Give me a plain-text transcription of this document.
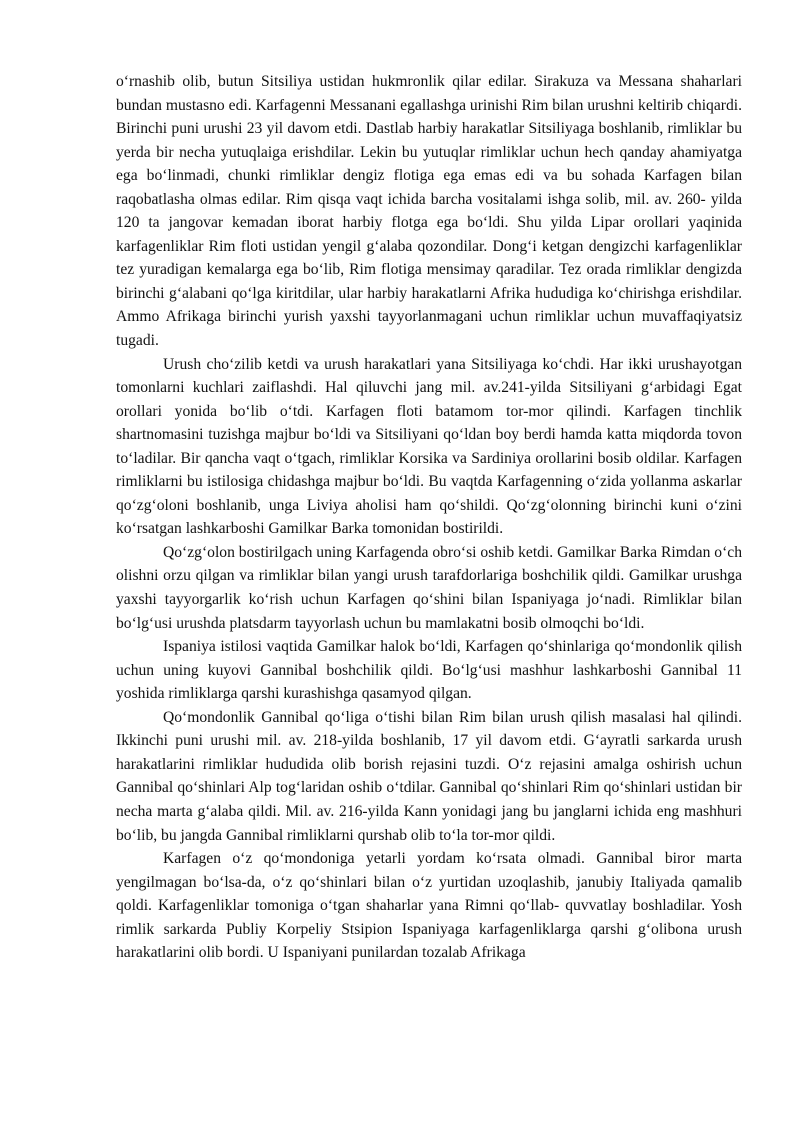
o‘rnashib olib, butun Sitsiliya ustidan hukmronlik qilar edilar. Sirakuza va Messana shaharlari bundan mustasno edi. Karfagenni Messanani egallashga urinishi Rim bilan urushni keltirib chiqardi. Birinchi puni urushi 23 yil davom etdi. Dastlab harbiy harakatlar Sitsiliyaga boshlanib, rimliklar bu yerda bir necha yutuqlaiga erishdilar. Lekin bu yutuqlar rimliklar uchun hech qanday ahamiyatga ega bo‘linmadi, chunki rimliklar dengiz flotiga ega emas edi va bu sohada Karfagen bilan raqobatlasha olmas edilar. Rim qisqa vaqt ichida barcha vositalami ishga solib, mil. av. 260- yilda 120 ta jangovar kemadan iborat harbiy flotga ega bo‘ldi. Shu yilda Lipar orollari yaqinida karfagenliklar Rim floti ustidan yengil g‘alaba qozondilar. Dong‘i ketgan dengizchi karfagenliklar tez yuradigan kemalarga ega bo‘lib, Rim flotiga mensimay qaradilar. Tez orada rimliklar dengizda birinchi g‘alabani qo‘lga kiritdilar, ular harbiy harakatlarni Afrika hududiga ko‘chirishga erishdilar. Ammo Afrikaga birinchi yurish yaxshi tayyorlanmagani uchun rimliklar uchun muvaffaqiyatsiz tugadi.

Urush cho‘zilib ketdi va urush harakatlari yana Sitsiliyaga ko‘chdi. Har ikki urushayotgan tomonlarni kuchlari zaiflashdi. Hal qiluvchi jang mil. av.241-yilda Sitsiliyani g‘arbidagi Egat orollari yonida bo‘lib o‘tdi. Karfagen floti batamom tor-mor qilindi. Karfagen tinchlik shartnomasini tuzishga majbur bo‘ldi va Sitsiliyani qo‘ldan boy berdi hamda katta miqdorda tovon to‘ladilar. Bir qancha vaqt o‘tgach, rimliklar Korsika va Sardiniya orollarini bosib oldilar. Karfagen rimliklarni bu istilosiga chidashga majbur bo‘ldi. Bu vaqtda Karfagenning o‘zida yollanma askarlar qo‘zg‘oloni boshlanib, unga Liviya aholisi ham qo‘shildi. Qo‘zg‘olonning birinchi kuni o‘zini ko‘rsatgan lashkarboshi Gamilkar Barka tomonidan bostirildi.

Qo‘zg‘olon bostirilgach uning Karfagenda obro‘si oshib ketdi. Gamilkar Barka Rimdan o‘ch olishni orzu qilgan va rimliklar bilan yangi urush tarafdorlariga boshchilik qildi. Gamilkar urushga yaxshi tayyorgarlik ko‘rish uchun Karfagen qo‘shini bilan Ispaniyaga jo‘nadi. Rimliklar bilan bo‘lg‘usi urushda platsdarm tayyorlash uchun bu mamlakatni bosib olmoqchi bo‘ldi.

Ispaniya istilosi vaqtida Gamilkar halok bo‘ldi, Karfagen qo‘shinlariga qo‘mondonlik qilish uchun uning kuyovi Gannibal boshchilik qildi. Bo‘lg‘usi mashhur lashkarboshi Gannibal 11 yoshida rimliklarga qarshi kurashishga qasamyod qilgan.

Qo‘mondonlik Gannibal qo‘liga o‘tishi bilan Rim bilan urush qilish masalasi hal qilindi. Ikkinchi puni urushi mil. av. 218-yilda boshlanib, 17 yil davom etdi. G‘ayratli sarkarda urush harakatlarini rimliklar hududida olib borish rejasini tuzdi. O‘z rejasini amalga oshirish uchun Gannibal qo‘shinlari Alp tog‘laridan oshib o‘tdilar. Gannibal qo‘shinlari Rim qo‘shinlari ustidan bir necha marta g‘alaba qildi. Mil. av. 216-yilda Kann yonidagi jang bu janglarni ichida eng mashhuri bo‘lib, bu jangda Gannibal rimliklarni qurshab olib to‘la tor-mor qildi.

Karfagen o‘z qo‘mondoniga yetarli yordam ko‘rsata olmadi. Gannibal biror marta yengilmagan bo‘lsa-da, o‘z qo‘shinlari bilan o‘z yurtidan uzoqlashib, janubiy Italiyada qamalib qoldi. Karfagenliklar tomoniga o‘tgan shaharlar yana Rimni qo‘llab- quvvatlay boshladilar. Yosh rimlik sarkarda Publiy Korpeliy Stsipion Ispaniyaga karfagenliklarga qarshi g‘olibona urush harakatlarini olib bordi. U Ispaniyani punilardan tozalab Afrikaga
